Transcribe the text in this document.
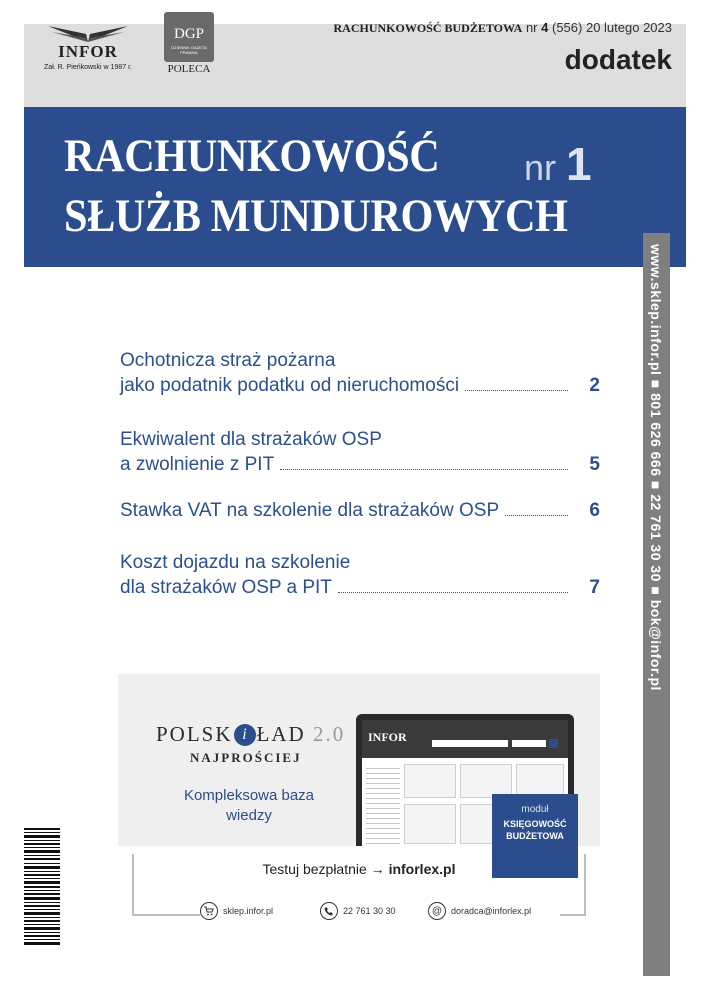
INFOR
Zał. R. Pieńkowski w 1987 r.
DGP
DZIENNIK GAZETA PRAWNA
POLECA
RACHUNKOWOŚĆ BUDŻETOWA nr 4 (556) 20 lutego 2023
dodatek
RACHUNKOWOŚĆ
SŁUŻB MUNDUROWYCH
nr 1
www.sklep.infor.pl ■ 801 626 666 ■ 22 761 30 30 ■ bok@infor.pl
Ochotnicza straż pożarna
jako podatnik podatku od nieruchomości	2
Ekwiwalent dla strażaków OSP
a zwolnienie z PIT	5
Stawka VAT na szkolenie dla strażaków OSP	6
Koszt dojazdu na szkolenie
dla strażaków OSP a PIT	7
POLSK i ŁAD 2.0
NAJPROŚCIEJ
Kompleksowa baza wiedzy
INFOR
moduł
KSIĘGOWOŚĆ BUDŻETOWA
Testuj bezpłatnie → inforlex.pl
sklep.infor.pl	22 761 30 30	@ doradca@inforlex.pl
